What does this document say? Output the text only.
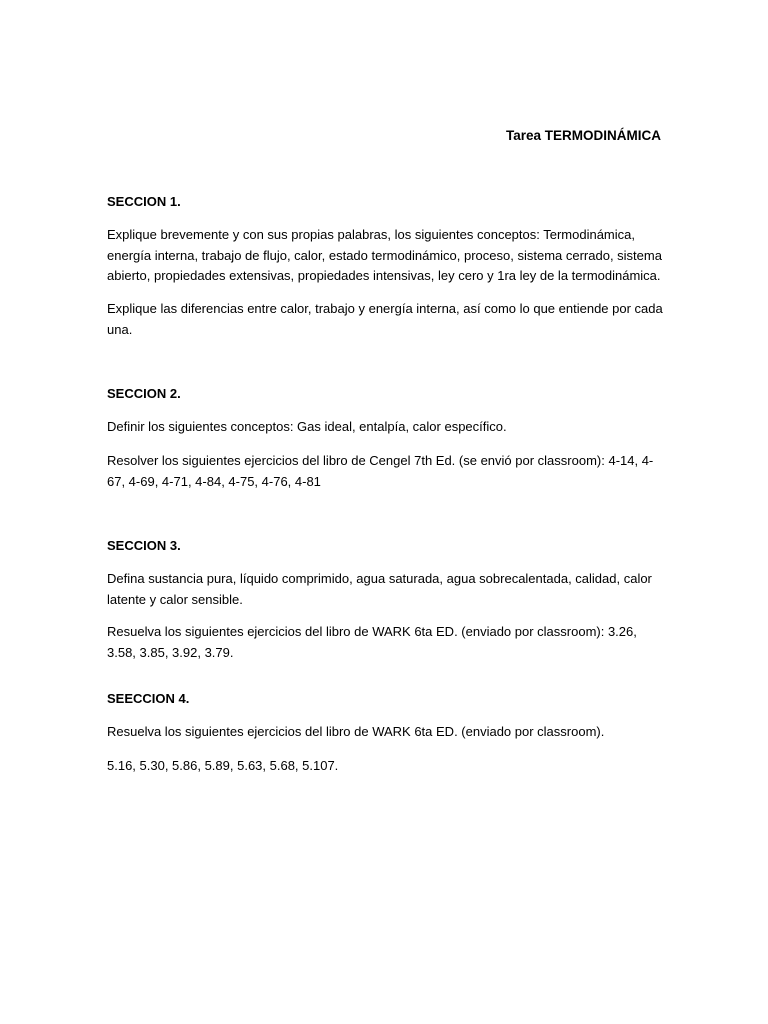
Tarea TERMODINÁMICA
SECCION 1.

Explique brevemente y con sus propias palabras, los siguientes conceptos: Termodinámica, energía interna, trabajo de flujo, calor, estado termodinámico, proceso, sistema cerrado, sistema abierto, propiedades extensivas, propiedades intensivas, ley cero y 1ra ley de la termodinámica.

Explique las diferencias entre calor, trabajo y energía interna, así como lo que entiende por cada una.

SECCION 2.

Definir los siguientes conceptos: Gas ideal, entalpía, calor específico.

Resolver los siguientes ejercicios del libro de Cengel 7th Ed. (se envió por classroom): 4-14, 4-67, 4-69, 4-71, 4-84, 4-75, 4-76, 4-81

SECCION 3.

Defina sustancia pura, líquido comprimido, agua saturada, agua sobrecalentada, calidad, calor latente y calor sensible.

Resuelva los siguientes ejercicios del libro de WARK 6ta ED. (enviado por classroom): 3.26, 3.58, 3.85, 3.92, 3.79.

SEECCION 4.

Resuelva los siguientes ejercicios del libro de WARK 6ta ED. (enviado por classroom).

5.16, 5.30, 5.86, 5.89, 5.63, 5.68, 5.107.
